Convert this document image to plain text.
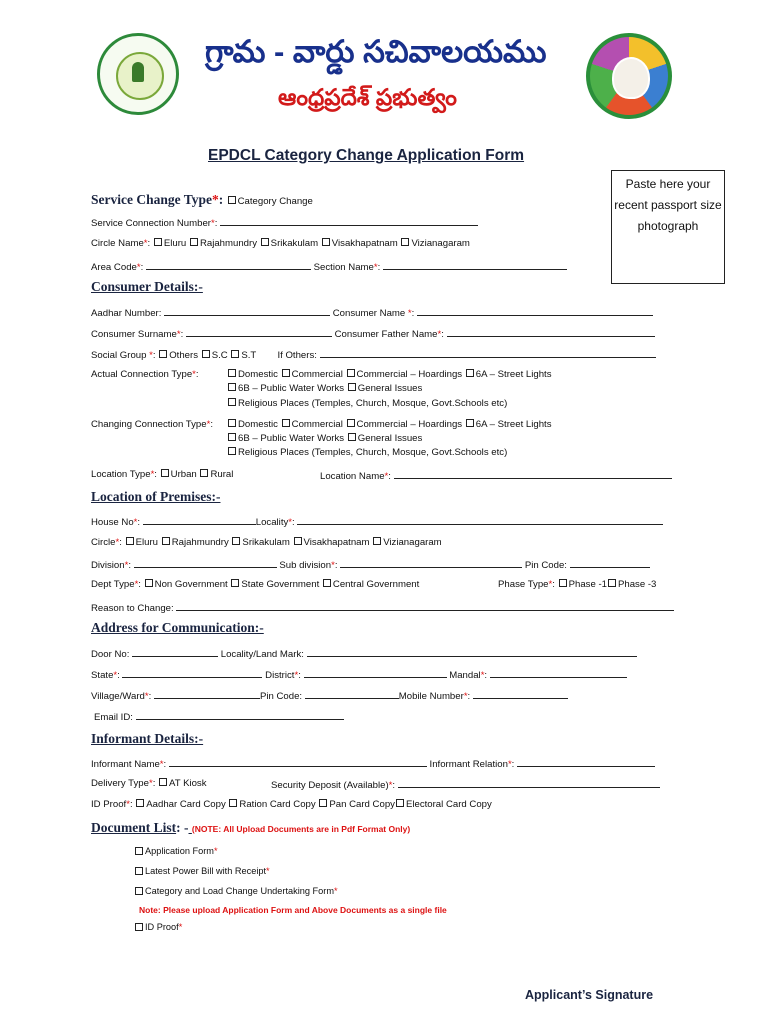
గ్రామ - వార్డు సచివాలయము
ఆంధ్రప్రదేశ్ ప్రభుత్వం
EPDCL Category Change Application Form
Paste here your recent passport size photograph
Service Change Type*: Category Change
Service Connection Number*:
Circle Name*: Eluru Rajahmundry Srikakulam Visakhapatnam Vizianagaram
Area Code*:	Section Name*:
Consumer Details:-
Aadhar Number:	Consumer Name *:
Consumer Surname*:	Consumer Father Name*:
Social Group *: Others S.C S.T If Others:
Actual Connection Type*:	Domestic Commercial Commercial – Hoardings 6A – Street Lights
6B – Public Water Works General Issues
Religious Places (Temples, Church, Mosque, Govt.Schools etc)
Changing Connection Type*:	Domestic Commercial Commercial – Hoardings 6A – Street Lights
6B – Public Water Works General Issues
Religious Places (Temples, Church, Mosque, Govt.Schools etc)
Location Type*: Urban Rural	Location Name*:
Location of Premises:-
House No*:	Locality*:
Circle*: Eluru Rajahmundry Srikakulam Visakhapatnam Vizianagaram
Division*:	Sub division*:	Pin Code:
Dept Type*: Non Government State Government Central Government	Phase Type*: Phase -1 Phase -3
Reason to Change:
Address for Communication:-
Door No:	Locality/Land Mark:
State*:	District*:	Mandal*:
Village/Ward*:	Pin Code:	Mobile Number*:
Email ID:
Informant Details:-
Informant Name*:	Informant Relation*:
Delivery Type*: AT Kiosk	Security Deposit (Available)*:
ID Proof*: Aadhar Card Copy Ration Card Copy Pan Card Copy Electoral Card Copy
Document List: - (NOTE: All Upload Documents are in Pdf Format Only)
Application Form*
Latest Power Bill with Receipt*
Category and Load Change Undertaking Form*
Note: Please upload Application Form and Above Documents as a single file
ID Proof*
Applicant’s Signature
